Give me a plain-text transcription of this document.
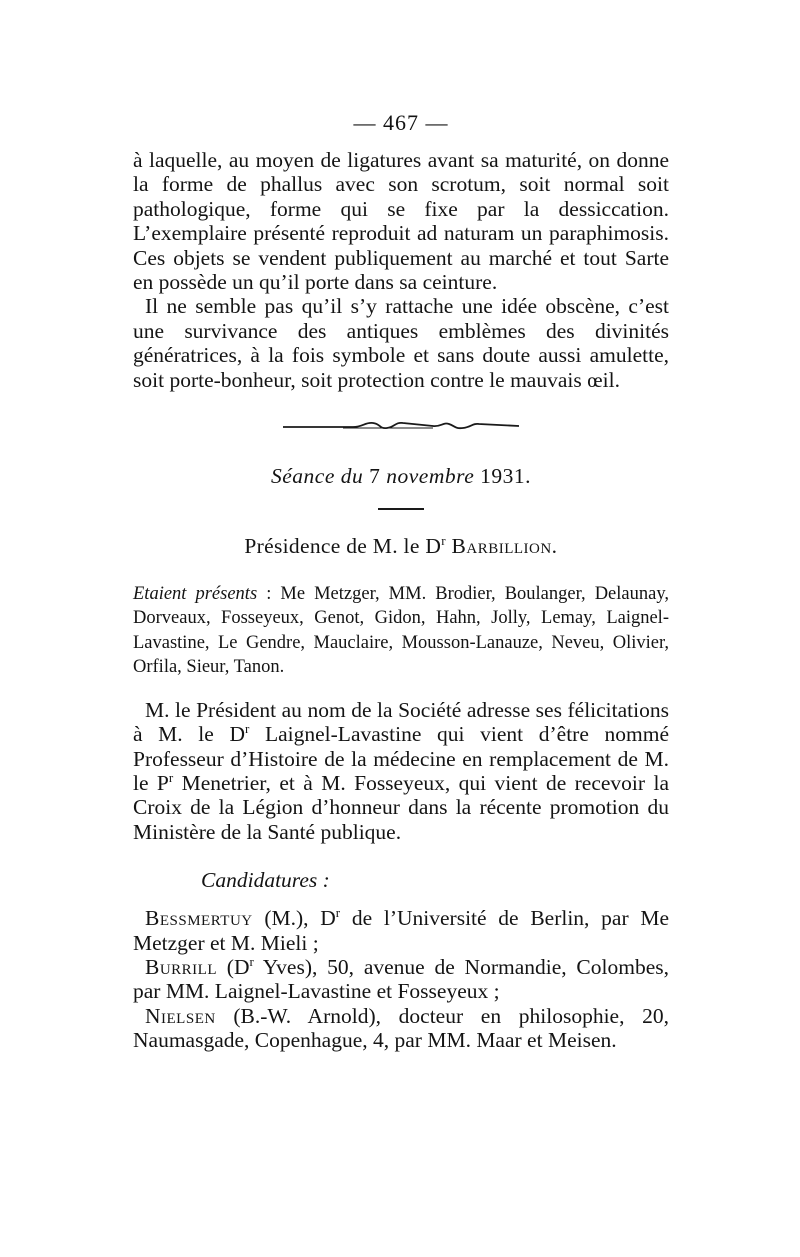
— 467 —

à laquelle, au moyen de ligatures avant sa maturité, on donne la forme de phallus avec son scrotum, soit normal soit pathologique, forme qui se fixe par la dessiccation. L’exemplaire présenté reproduit ad naturam un paraphimosis. Ces objets se vendent publiquement au marché et tout Sarte en possède un qu’il porte dans sa ceinture.

Il ne semble pas qu’il s’y rattache une idée obscène, c’est une survivance des antiques emblèmes des divinités génératrices, à la fois symbole et sans doute aussi amulette, soit porte-bonheur, soit protection contre le mauvais œil.

Séance du 7 novembre 1931.
Présidence de M. le $D^r$ Barbillion.

Etaient présents : Me Metzger, MM. Brodier, Boulanger, Delaunay, Dorveaux, Fosseyeux, Genot, Gidon, Hahn, Jolly, Lemay, Laignel-Lavastine, Le Gendre, Mauclaire, Mousson-Lanauze, Neveu, Olivier, Orfila, Sieur, Tanon.

M. le Président au nom de la Société adresse ses félicitations à M. le $D^r$ Laignel-Lavastine qui vient d’être nommé Professeur d’Histoire de la médecine en remplacement de M. le $P^r$ Menetrier, et à M. Fosseyeux, qui vient de recevoir la Croix de la Légion d’honneur dans la récente promotion du Ministère de la Santé publique.

Candidatures :

Bessmertuy (M.), $D^r$ de l’Université de Berlin, par Me Metzger et M. Mieli ;

Burrill ($D^r$ Yves), 50, avenue de Normandie, Colombes, par MM. Laignel-Lavastine et Fosseyeux ;

Nielsen (B.-W. Arnold), docteur en philosophie, 20, Naumasgade, Copenhague, 4, par MM. Maar et Meisen.
